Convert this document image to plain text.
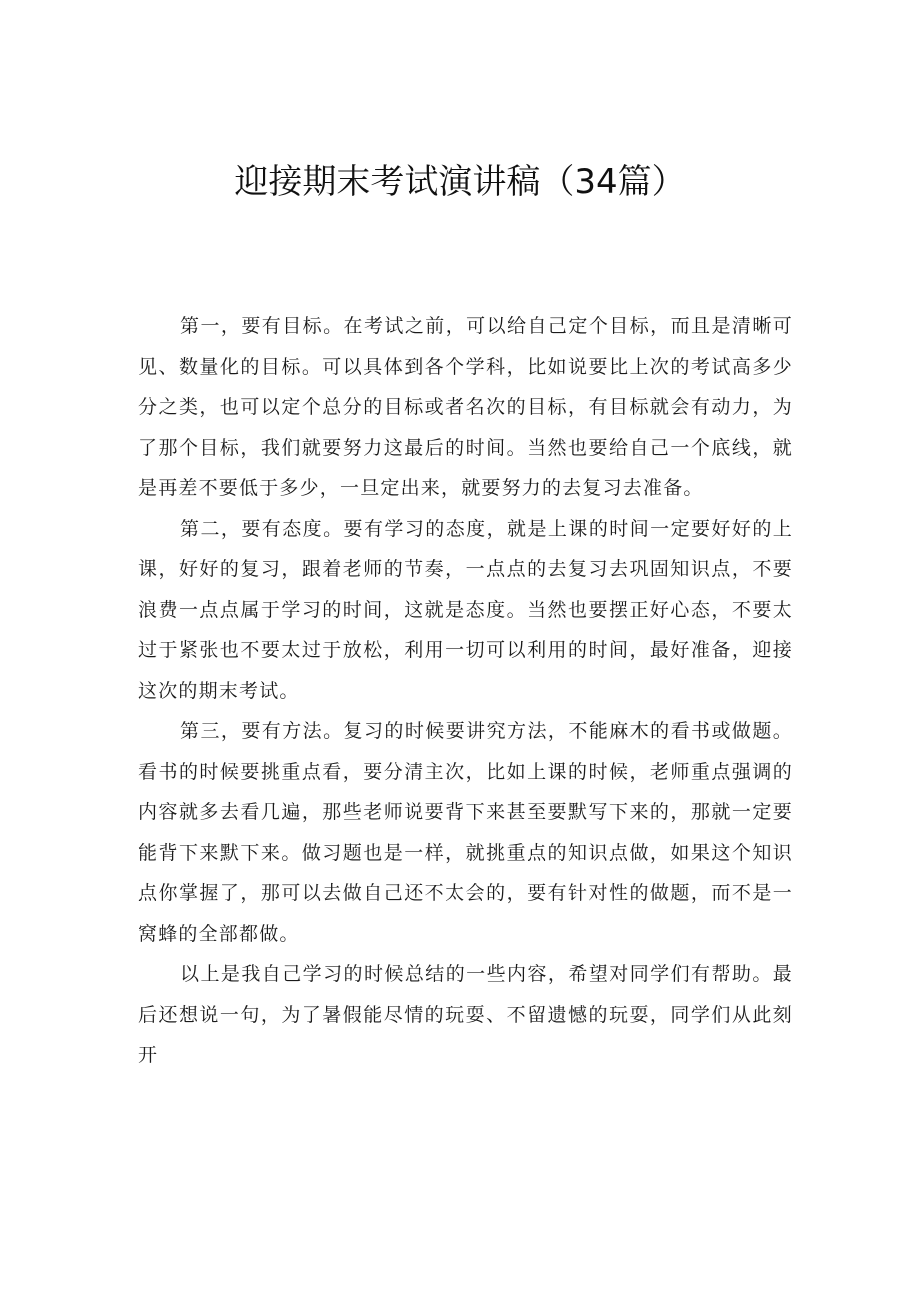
迎接期末考试演讲稿（34篇）

第一，要有目标。在考试之前，可以给自己定个目标，而且是清晰可见、数量化的目标。可以具体到各个学科，比如说要比上次的考试高多少分之类，也可以定个总分的目标或者名次的目标，有目标就会有动力，为了那个目标，我们就要努力这最后的时间。当然也要给自己一个底线，就是再差不要低于多少，一旦定出来，就要努力的去复习去准备。

第二，要有态度。要有学习的态度，就是上课的时间一定要好好的上课，好好的复习，跟着老师的节奏，一点点的去复习去巩固知识点，不要浪费一点点属于学习的时间，这就是态度。当然也要摆正好心态，不要太过于紧张也不要太过于放松，利用一切可以利用的时间，最好准备，迎接这次的期末考试。

第三，要有方法。复习的时候要讲究方法，不能麻木的看书或做题。看书的时候要挑重点看，要分清主次，比如上课的时候，老师重点强调的内容就多去看几遍，那些老师说要背下来甚至要默写下来的，那就一定要能背下来默下来。做习题也是一样，就挑重点的知识点做，如果这个知识点你掌握了，那可以去做自己还不太会的，要有针对性的做题，而不是一窝蜂的全部都做。

以上是我自己学习的时候总结的一些内容，希望对同学们有帮助。最后还想说一句，为了暑假能尽情的玩耍、不留遗憾的玩耍，同学们从此刻开
